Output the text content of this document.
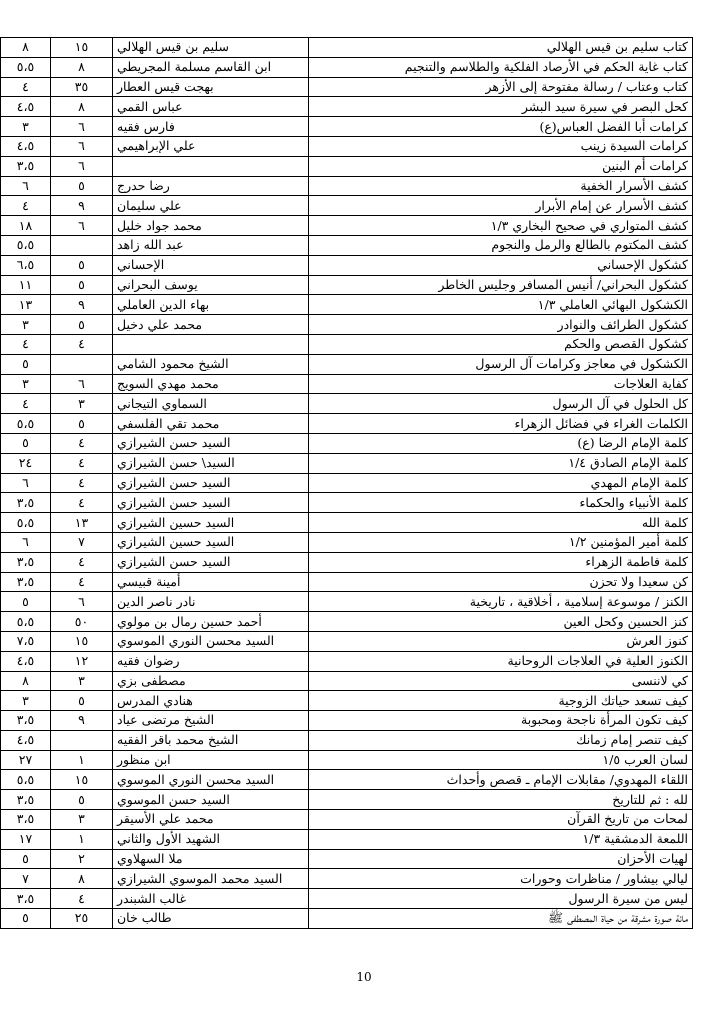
كتاب سليم بن قيس الهلالي	سليم بن قيس الهلالي	١٥	٨
كتاب غاية الحكم في الأرصاد الفلكية والطلاسم والتنجيم	ابن القاسم مسلمة المجريطي	٨	٥،٥
كتاب وعتاب / رسالة مفتوحة إلى الأزهر	بهجت قيس العطار	٣٥	٤
كحل البصر في سيرة سيد البشر	عباس القمي	٨	٤،٥
كرامات أبا الفضل العباس(ع)	فارس فقيه	٦	٣
كرامات السيدة زينب	علي الإبراهيمي	٦	٤،٥
كرامات أم البنين		٦	٣،٥
كشف الأسرار الخفية	رضا حدرج	٥	٦
كشف الأسرار عن إمام الأبرار	علي سليمان	٩	٤
كشف المتواري في صحيح البخاري ١/٣	محمد جواد خليل	٦	١٨
كشف المكتوم بالطالع والرمل والنجوم	عبد الله زاهد		٥،٥
كشكول الإحساني	الإحساني	٥	٦،٥
كشكول البحراني/ أنيس المسافر وجليس الخاطر	يوسف البحراني	٥	١١
الكشكول البهائي العاملي ١/٣	بهاء الدين العاملي	٩	١٣
كشكول الطرائف والنوادر	محمد علي دخيل	٥	٣
كشكول القصص والحكم		٤	٤
الكشكول في معاجز وكرامات آل الرسول	الشيخ محمود الشامي		٥
كفاية العلاجات	محمد مهدي السويج	٦	٣
كل الحلول في آل الرسول	السماوي التيجاني	٣	٤
الكلمات الغراء في فضائل الزهراء	محمد تقي الفلسفي	٥	٥،٥
كلمة الإمام الرضا (ع)	السيد حسن الشيرازي	٤	٥
كلمة الإمام الصادق ١/٤	السيد\ حسن الشيرازي	٤	٢٤
كلمة الإمام المهدي	السيد حسن الشيرازي	٤	٦
كلمة الأنبياء والحكماء	السيد حسن الشيرازي	٤	٣،٥
كلمة الله	السيد حسين الشيرازي	١٣	٥،٥
كلمة أمير المؤمنين ١/٢	السيد حسين الشيرازي	٧	٦
كلمة فاطمة الزهراء	السيد حسن الشيرازي	٤	٣،٥
كن سعيدا ولا تحزن	أمينة قبيسي	٤	٣،٥
الكنز / موسوعة إسلامية ، أخلاقية ، تاريخية	نادر ناصر الدين	٦	٥
كنز الحسين وكحل العين	أحمد حسين رمال بن مولوي	٥٠	٥،٥
كنوز العرش	السيد محسن النوري الموسوي	١٥	٧،٥
الكنوز العلية في العلاجات الروحانية	رضوان فقيه	١٢	٤،٥
كي لاننسى	مصطفى بزي	٣	٨
كيف تسعد حياتك الزوجية	هنادي المدرس	٥	٣
كيف تكون المرأة ناجحة ومحبوبة	الشيخ مرتضى عياد	٩	٣،٥
كيف تنصر إمام زمانك	الشيخ محمد باقر الفقيه		٤،٥
لسان العرب ١/٥	ابن منظور	١	٢٧
اللقاء المهدوي/ مقابلات الإمام ـ قصص وأحداث	السيد محسن النوري الموسوي	١٥	٥،٥
لله : ثم للتاريخ	السيد حسن الموسوي	٥	٣،٥
لمحات من تاريخ القرآن	محمد علي الأسيقر	٣	٣،٥
اللمعة الدمشقية ١/٣	الشهيد الأول والثاني	١	١٧
لهيات الأحزان	ملا السهلاوي	٢	٥
ليالي بيشاور / مناظرات وحورات	السيد محمد الموسوي الشيرازي	٨	٧
ليس من سيرة الرسول	غالب الشبندر	٤	٣،٥
مائة صورة مشرقة من حياة المصطفى ﷺ	طالب خان	٢٥	٥
10
